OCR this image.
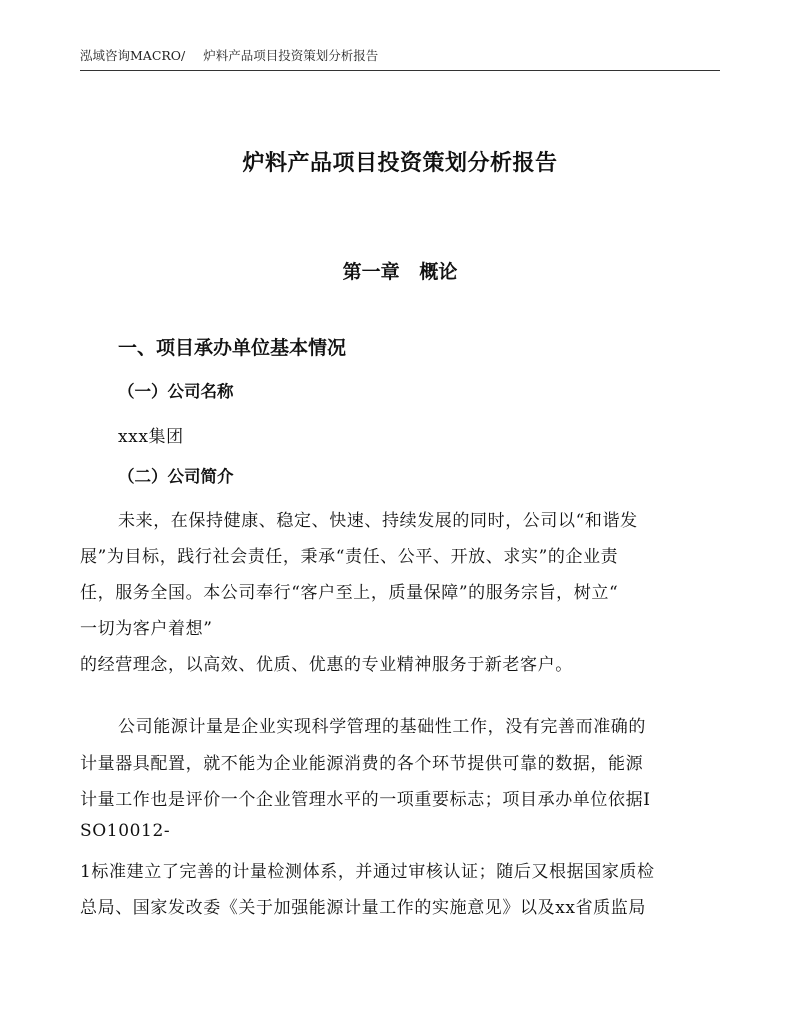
泓域咨询MACRO/ 炉料产品项目投资策划分析报告
炉料产品项目投资策划分析报告
第一章   概论
一、项目承办单位基本情况
（一）公司名称
xxx集团
（二）公司简介
未来，在保持健康、稳定、快速、持续发展的同时，公司以“和谐发
展”为目标，践行社会责任，秉承“责任、公平、开放、求实”的企业责
任，服务全国。本公司奉行“客户至上，质量保障”的服务宗旨，树立“
一切为客户着想”
的经营理念，以高效、优质、优惠的专业精神服务于新老客户。
公司能源计量是企业实现科学管理的基础性工作，没有完善而准确的
计量器具配置，就不能为企业能源消费的各个环节提供可靠的数据，能源
计量工作也是评价一个企业管理水平的一项重要标志；项目承办单位依据I
SO10012-
1标准建立了完善的计量检测体系，并通过审核认证；随后又根据国家质检
总局、国家发改委《关于加强能源计量工作的实施意见》以及xx省质监局
